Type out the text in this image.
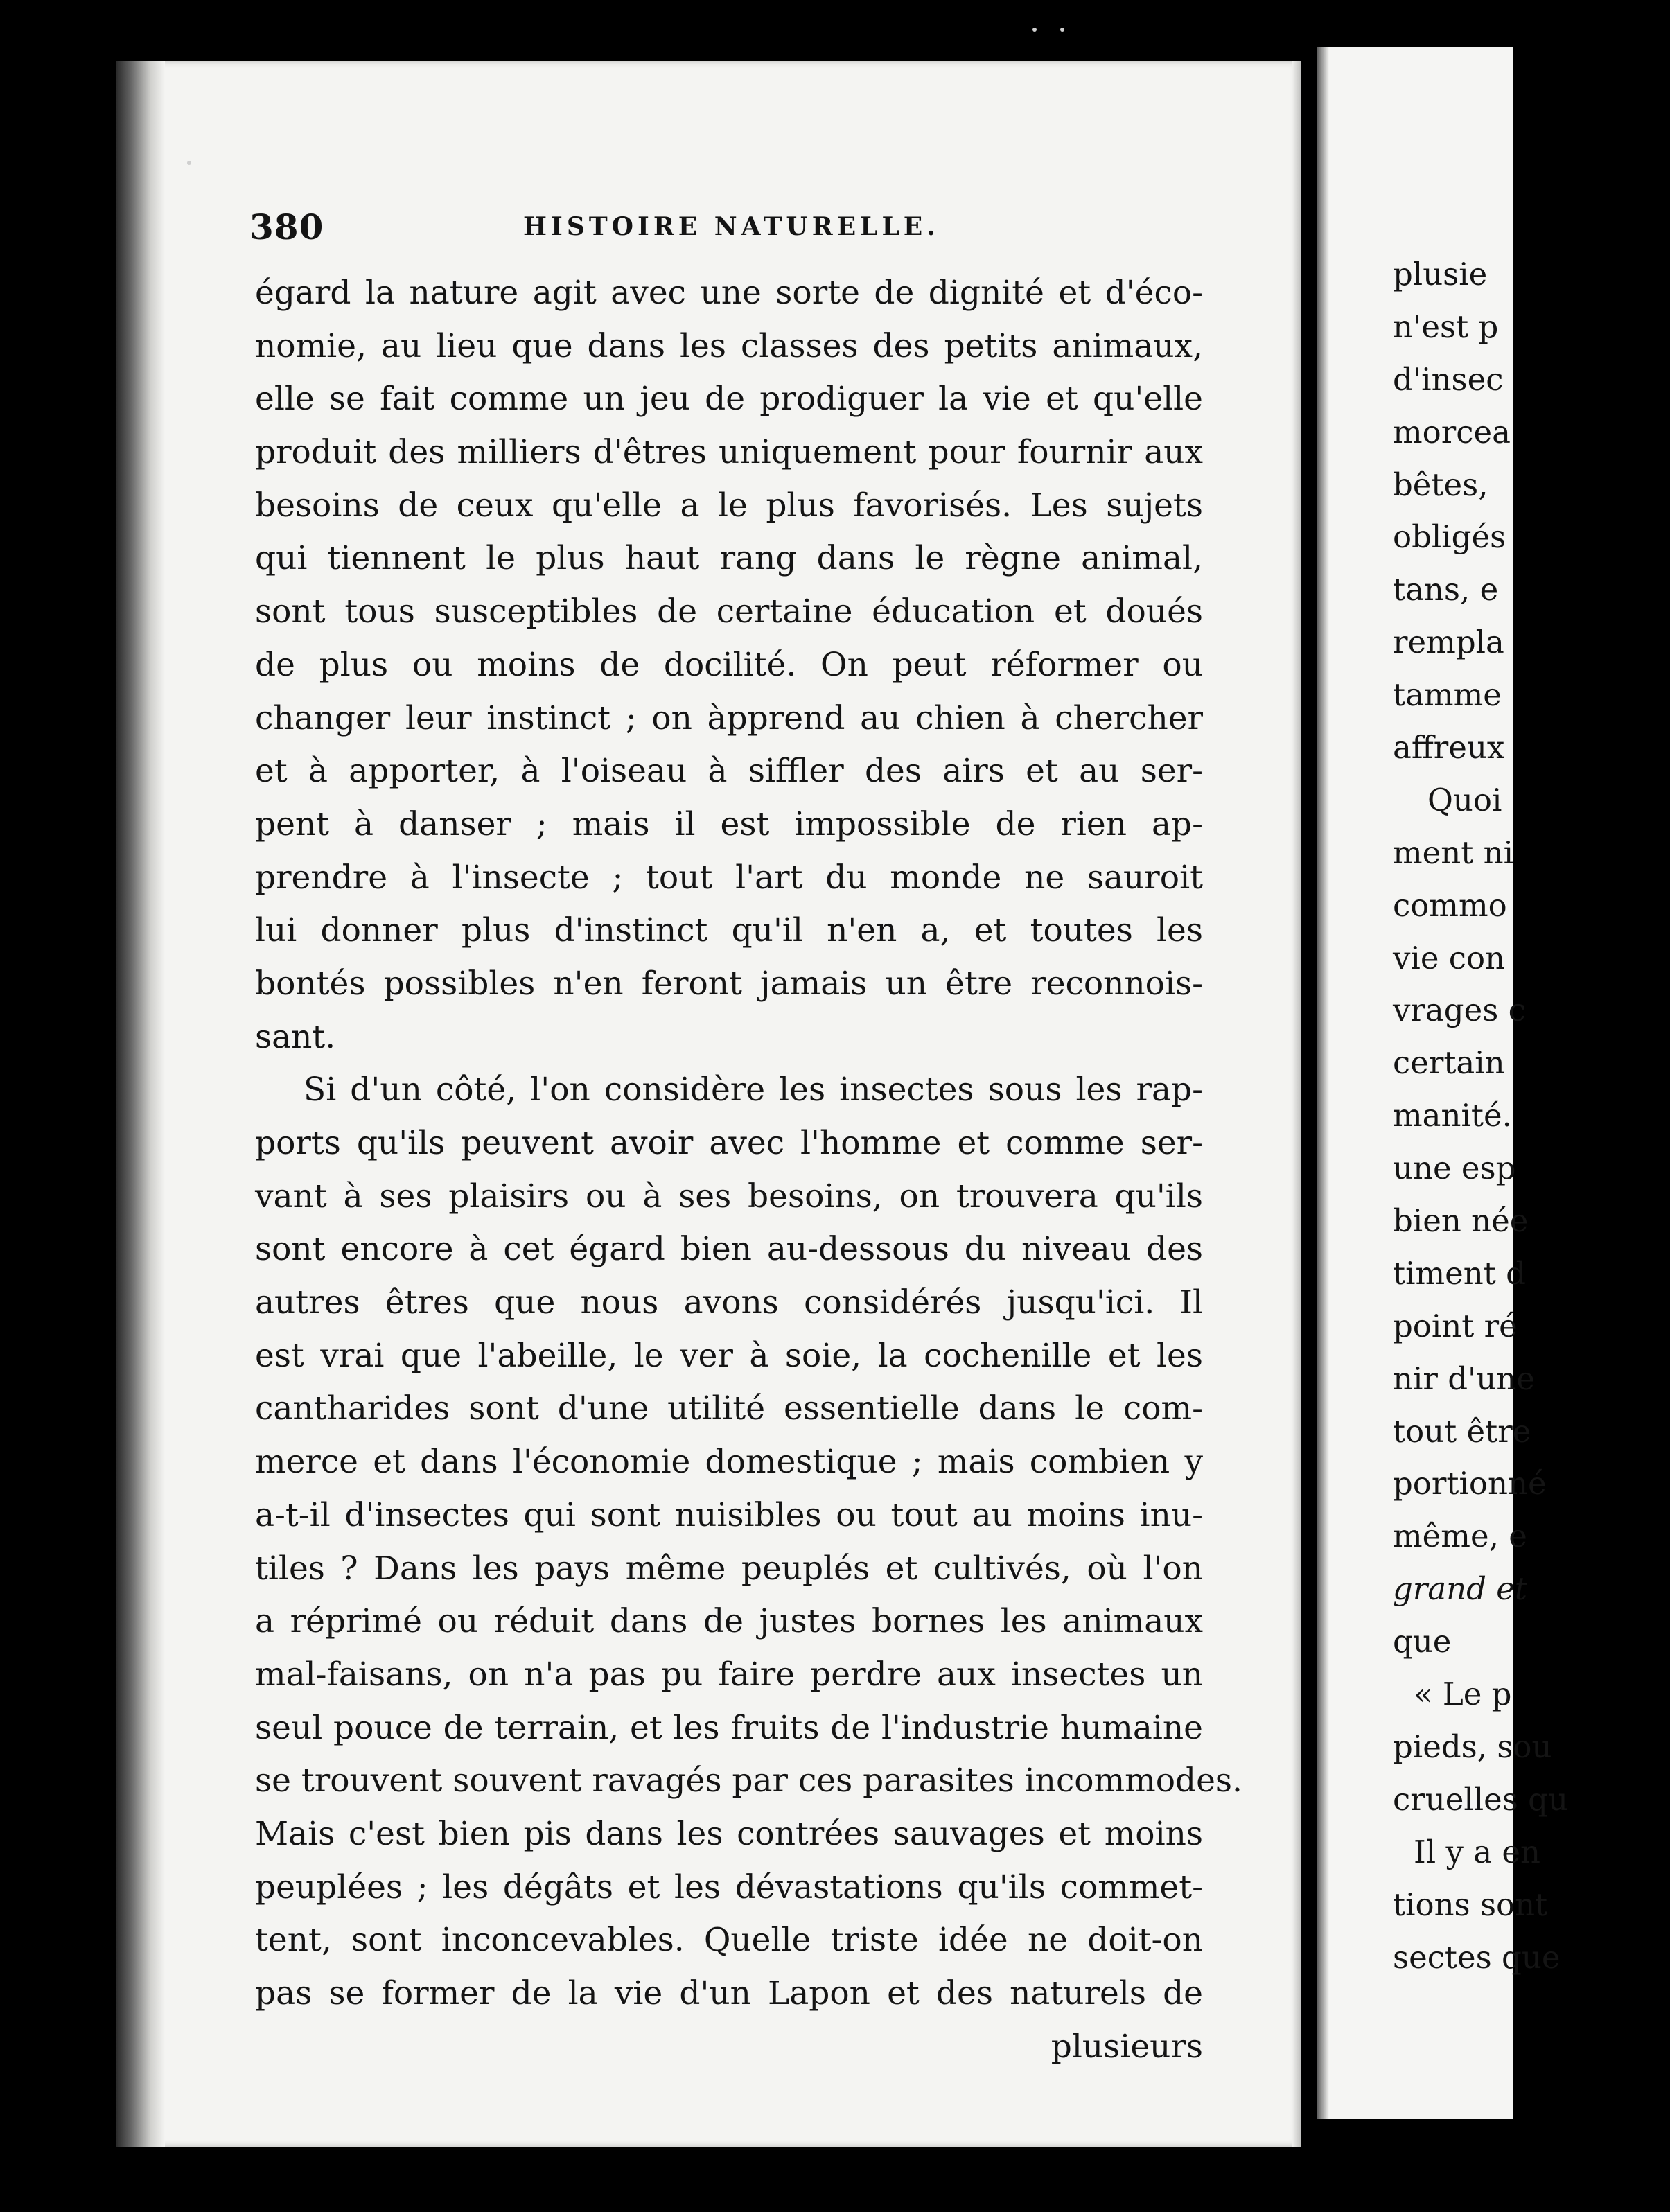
380	HISTOIRE NATURELLE.
égard la nature agit avec une sorte de dignité et d'éco-
nomie, au lieu que dans les classes des petits animaux,
elle se fait comme un jeu de prodiguer la vie et qu'elle
produit des milliers d'êtres uniquement pour fournir aux
besoins de ceux qu'elle a le plus favorisés. Les sujets
qui tiennent le plus haut rang dans le règne animal,
sont tous susceptibles de certaine éducation et doués
de plus ou moins de docilité. On peut réformer ou
changer leur instinct ; on àpprend au chien à chercher
et à apporter, à l'oiseau à siffler des airs et au ser-
pent à danser ; mais il est impossible de rien ap-
prendre à l'insecte ; tout l'art du monde ne sauroit
lui donner plus d'instinct qu'il n'en a, et toutes les
bontés possibles n'en feront jamais un être reconnois-
sant.
Si d'un côté, l'on considère les insectes sous les rap-
ports qu'ils peuvent avoir avec l'homme et comme ser-
vant à ses plaisirs ou à ses besoins, on trouvera qu'ils
sont encore à cet égard bien au-dessous du niveau des
autres êtres que nous avons considérés jusqu'ici. Il
est vrai que l'abeille, le ver à soie, la cochenille et les
cantharides sont d'une utilité essentielle dans le com-
merce et dans l'économie domestique ; mais combien y
a-t-il d'insectes qui sont nuisibles ou tout au moins inu-
tiles ? Dans les pays même peuplés et cultivés, où l'on
a réprimé ou réduit dans de justes bornes les animaux
mal-faisans, on n'a pas pu faire perdre aux insectes un
seul pouce de terrain, et les fruits de l'industrie humaine
se trouvent souvent ravagés par ces parasites incommodes.
Mais c'est bien pis dans les contrées sauvages et moins
peuplées ; les dégâts et les dévastations qu'ils commet-
tent, sont inconcevables. Quelle triste idée ne doit-on
pas se former de la vie d'un Lapon et des naturels de
plusieurs
plusie
n'est p
d'insec
morcea
bêtes,
obligés
tans, e
rempla
tamme
affreux
Quoi
ment ni
commo
vie con
vrages c
certain
manité.
une esp
bien née
timent d
point ré
nir d'une
tout être
portionné
même, e
grand et
que
« Le p
pieds, sou
cruelles qu
Il y a en
tions sont
sectes que
